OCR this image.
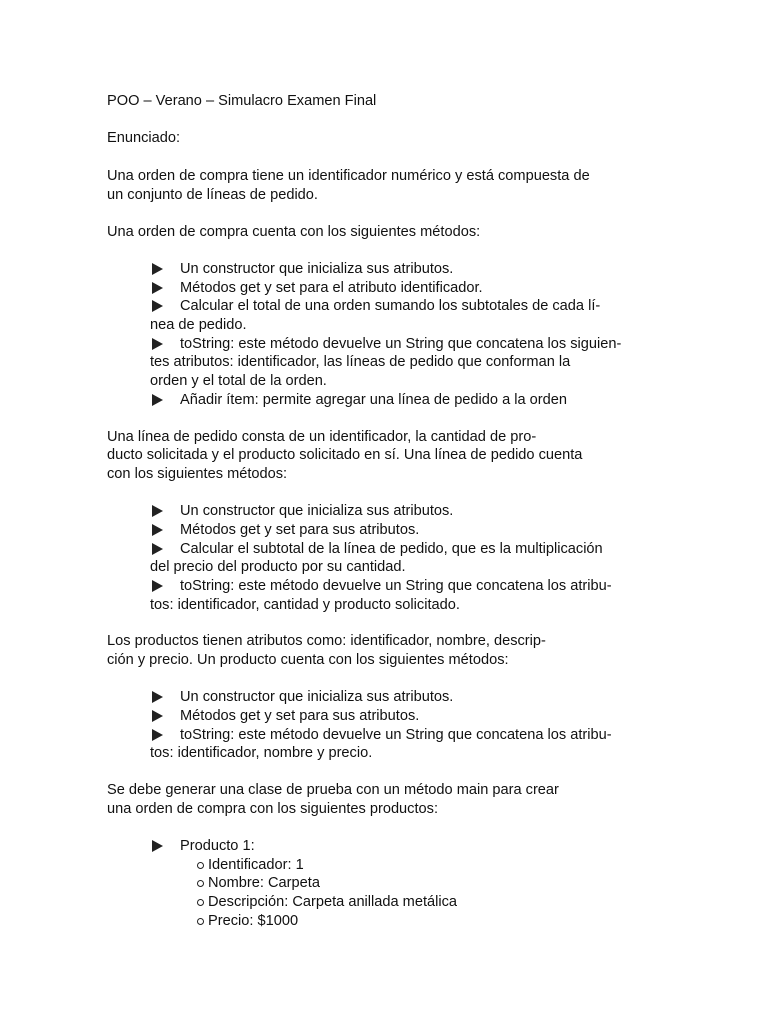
POO – Verano – Simulacro Examen Final
Enunciado:
Una orden de compra tiene un identificador numérico y está compuesta de
un conjunto de líneas de pedido.
Una orden de compra cuenta con los siguientes métodos:
Un constructor que inicializa sus atributos.
Métodos get y set para el atributo identificador.
Calcular el total de una orden sumando los subtotales de cada lí-
nea de pedido.
toString: este método devuelve un String que concatena los siguien-
tes atributos: identificador, las líneas de pedido que conforman la
orden y el total de la orden.
Añadir ítem: permite agregar una línea de pedido a la orden
Una línea de pedido consta de un identificador, la cantidad de pro-
ducto solicitada y el producto solicitado en sí. Una línea de pedido cuenta
con los siguientes métodos:
Un constructor que inicializa sus atributos.
Métodos get y set para sus atributos.
Calcular el subtotal de la línea de pedido, que es la multiplicación
del precio del producto por su cantidad.
toString: este método devuelve un String que concatena los atribu-
tos: identificador, cantidad y producto solicitado.
Los productos tienen atributos como: identificador, nombre, descrip-
ción y precio. Un producto cuenta con los siguientes métodos:
Un constructor que inicializa sus atributos.
Métodos get y set para sus atributos.
toString: este método devuelve un String que concatena los atribu-
tos: identificador, nombre y precio.
Se debe generar una clase de prueba con un método main para crear
una orden de compra con los siguientes productos:
Producto 1:
Identificador: 1
Nombre: Carpeta
Descripción: Carpeta anillada metálica
Precio: $1000
